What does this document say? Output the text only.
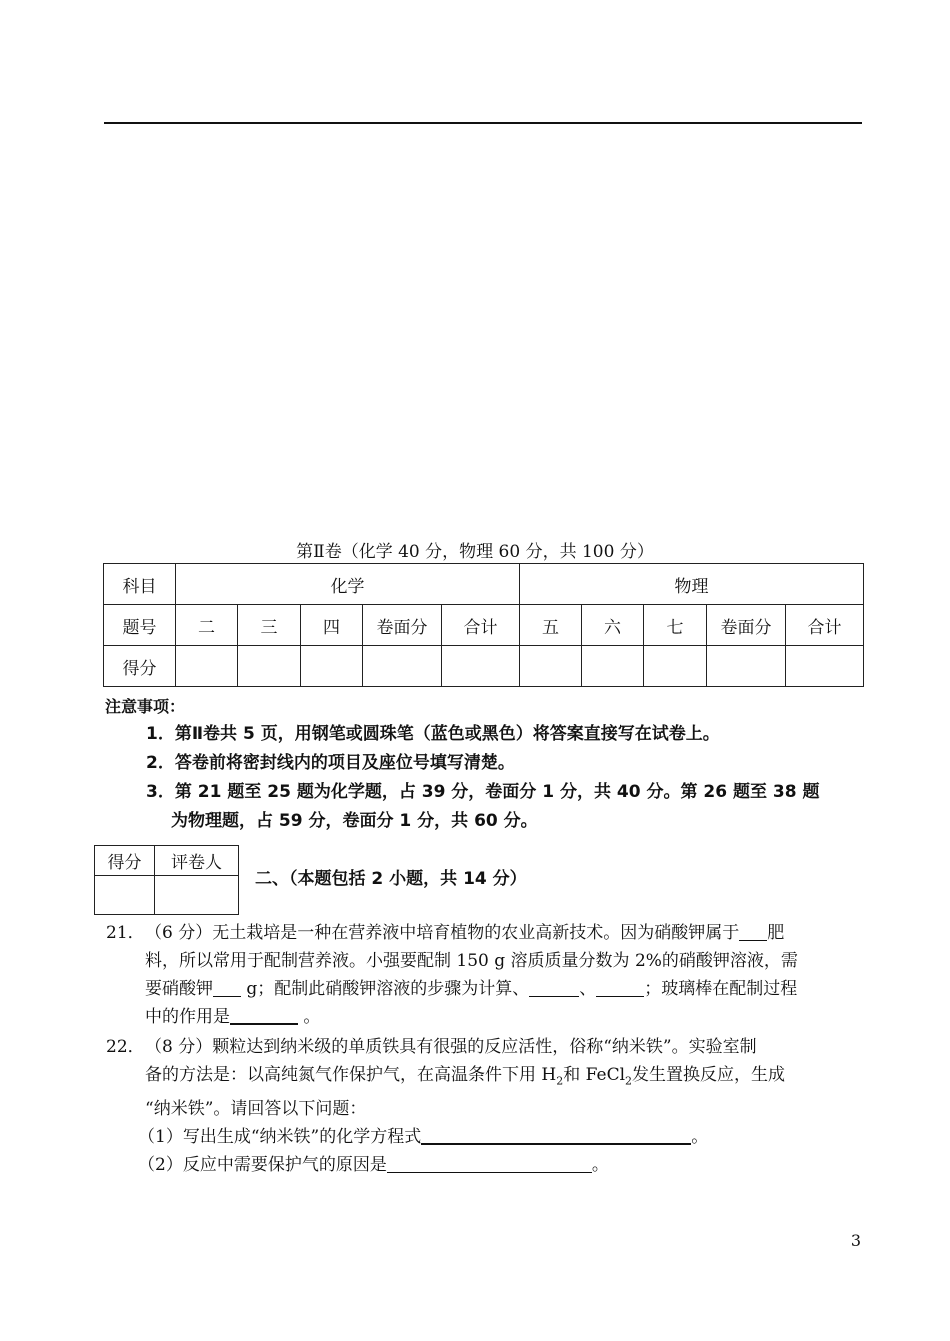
第Ⅱ卷（化学 40 分，物理 60 分，共 100 分）
科目	化学					物理				
题号	二	三	四	卷面分	合计	五	六	七	卷面分	合计
得分										
注意事项：
1．第Ⅱ卷共 5 页，用钢笔或圆珠笔（蓝色或黑色）将答案直接写在试卷上。
2．答卷前将密封线内的项目及座位号填写清楚。
3．第 21 题至 25 题为化学题，占 39 分，卷面分 1 分，共 40 分。第 26 题至 38 题
为物理题，占 59 分，卷面分 1 分，共 60 分。
得分	评卷人

二、（本题包括 2 小题，共 14 分）
21． （6 分）无土栽培是一种在营养液中培育植物的农业高新技术。因为硝酸钾属于 肥
料，所以常用于配制营养液。小强要配制 150 g 溶质质量分数为 2%的硝酸钾溶液，需
要硝酸钾 g；配制此硝酸钾溶液的步骤为计算、	、	；玻璃棒在配制过程
中的作用是	。
22． （8 分）颗粒达到纳米级的单质铁具有很强的反应活性，俗称“纳米铁”。实验室制
备的方法是：以高纯氮气作保护气，在高温条件下用 $H_2$和 FeCl$_2$发生置换反应，生成
“纳米铁”。请回答以下问题：
（1）写出生成“纳米铁”的化学方程式	。
（2）反应中需要保护气的原因是	。
3
